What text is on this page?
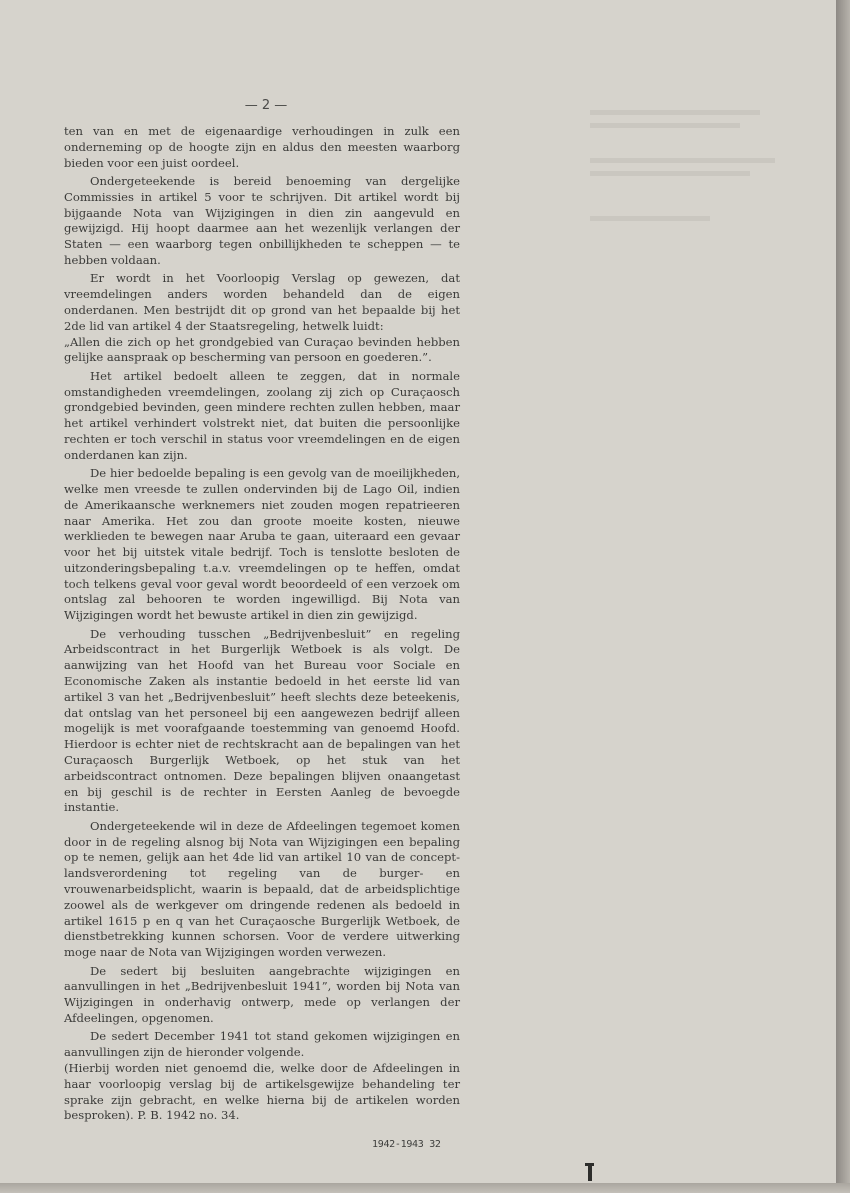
— 2 —

ten van en met de eigenaardige verhoudingen in zulk een onderneming op de hoogte zijn en aldus den meesten waarborg bieden voor een juist oordeel.

Ondergeteekende is bereid benoeming van dergelijke Commissies in artikel 5 voor te schrijven. Dit artikel wordt bij bijgaande Nota van Wijzigingen in dien zin aangevuld en gewijzigd. Hij hoopt daarmee aan het wezenlijk verlangen der Staten — een waarborg tegen onbillijkheden te scheppen — te hebben voldaan.

Er wordt in het Voorloopig Verslag op gewezen, dat vreemdelingen anders worden behandeld dan de eigen onderdanen. Men bestrijdt dit op grond van het bepaalde bij het 2de lid van artikel 4 der Staatsregeling, hetwelk luidt:

„Allen die zich op het grondgebied van Curaçao bevinden hebben gelijke aanspraak op bescherming van persoon en goederen.”.

Het artikel bedoelt alleen te zeggen, dat in normale omstandigheden vreemdelingen, zoolang zij zich op Curaçaosch grondgebied bevinden, geen mindere rechten zullen hebben, maar het artikel verhindert volstrekt niet, dat buiten die persoonlijke rechten er toch verschil in status voor vreemdelingen en de eigen onderdanen kan zijn.

De hier bedoelde bepaling is een gevolg van de moeilijkheden, welke men vreesde te zullen ondervinden bij de Lago Oil, indien de Amerikaansche werknemers niet zouden mogen repatrieeren naar Amerika. Het zou dan groote moeite kosten, nieuwe werklieden te bewegen naar Aruba te gaan, uiteraard een gevaar voor het bij uitstek vitale bedrijf. Toch is tenslotte besloten de uitzonderingsbepaling t.a.v. vreemdelingen op te heffen, omdat toch telkens geval voor geval wordt beoordeeld of een verzoek om ontslag zal behooren te worden ingewilligd. Bij Nota van Wijzigingen wordt het bewuste artikel in dien zin gewijzigd.

De verhouding tusschen „Bedrijvenbesluit” en regeling Arbeidscontract in het Burgerlijk Wetboek is als volgt. De aanwijzing van het Hoofd van het Bureau voor Sociale en Economische Zaken als instantie bedoeld in het eerste lid van artikel 3 van het „Bedrijvenbesluit” heeft slechts deze beteekenis, dat ontslag van het personeel bij een aangewezen bedrijf alleen mogelijk is met voorafgaande toestemming van genoemd Hoofd. Hierdoor is echter niet de rechtskracht aan de bepalingen van het Curaçaosch Burgerlijk Wetboek, op het stuk van het arbeidscontract ontnomen. Deze bepalingen blijven onaangetast en bij geschil is de rechter in Eersten Aanleg de bevoegde instantie.

Ondergeteekende wil in deze de Afdeelingen tegemoet komen door in de regeling alsnog bij Nota van Wijzigingen een bepaling op te nemen, gelijk aan het 4de lid van artikel 10 van de concept-landsverordening tot regeling van de burger- en vrouwenarbeidsplicht, waarin is bepaald, dat de arbeidsplichtige zoowel als de werkgever om dringende redenen als bedoeld in artikel 1615 p en q van het Curaçaosche Burgerlijk Wetboek, de dienstbetrekking kunnen schorsen. Voor de verdere uitwerking moge naar de Nota van Wijzigingen worden verwezen.

De sedert bij besluiten aangebrachte wijzigingen en aanvullingen in het „Bedrijvenbesluit 1941”, worden bij Nota van Wijzigingen in onderhavig ontwerp, mede op verlangen der Afdeelingen, opgenomen.

De sedert December 1941 tot stand gekomen wijzigingen en aanvullingen zijn de hieronder volgende.

(Hierbij worden niet genoemd die, welke door de Afdeelingen in haar voorloopig verslag bij de artikelsgewijze behandeling ter sprake zijn gebracht, en welke hierna bij de artikelen worden besproken). P. B. 1942 no. 34.

1942-1943 32
